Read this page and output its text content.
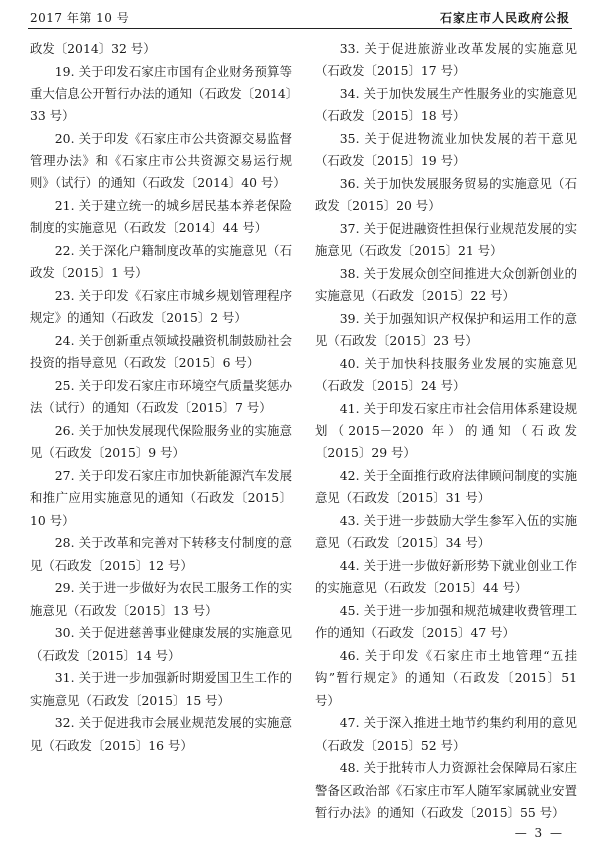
2017 年第 10 号	石家庄市人民政府公报

政发〔2014〕32 号）

19. 关于印发石家庄市国有企业财务预算等重大信息公开暂行办法的通知（石政发〔2014〕33 号）

20. 关于印发《石家庄市公共资源交易监督管理办法》和《石家庄市公共资源交易运行规则》（试行）的通知（石政发〔2014〕40 号）

21. 关于建立统一的城乡居民基本养老保险制度的实施意见（石政发〔2014〕44 号）

22. 关于深化户籍制度改革的实施意见（石政发〔2015〕1 号）

23. 关于印发《石家庄市城乡规划管理程序规定》的通知（石政发〔2015〕2 号）

24. 关于创新重点领域投融资机制鼓励社会投资的指导意见（石政发〔2015〕6 号）

25. 关于印发石家庄市环境空气质量奖惩办法（试行）的通知（石政发〔2015〕7 号）

26. 关于加快发展现代保险服务业的实施意见（石政发〔2015〕9 号）

27. 关于印发石家庄市加快新能源汽车发展和推广应用实施意见的通知（石政发〔2015〕10 号）

28. 关于改革和完善对下转移支付制度的意见（石政发〔2015〕12 号）

29. 关于进一步做好为农民工服务工作的实施意见（石政发〔2015〕13 号）

30. 关于促进慈善事业健康发展的实施意见（石政发〔2015〕14 号）

31. 关于进一步加强新时期爱国卫生工作的实施意见（石政发〔2015〕15 号）

32. 关于促进我市会展业规范发展的实施意见（石政发〔2015〕16 号）

33. 关于促进旅游业改革发展的实施意见（石政发〔2015〕17 号）

34. 关于加快发展生产性服务业的实施意见（石政发〔2015〕18 号）

35. 关于促进物流业加快发展的若干意见（石政发〔2015〕19 号）

36. 关于加快发展服务贸易的实施意见（石政发〔2015〕20 号）

37. 关于促进融资性担保行业规范发展的实施意见（石政发〔2015〕21 号）

38. 关于发展众创空间推进大众创新创业的实施意见（石政发〔2015〕22 号）

39. 关于加强知识产权保护和运用工作的意见（石政发〔2015〕23 号）

40. 关于加快科技服务业发展的实施意见（石政发〔2015〕24 号）

41. 关于印发石家庄市社会信用体系建设规划（2015－2020 年）的通知（石政发〔2015〕29 号）

42. 关于全面推行政府法律顾问制度的实施意见（石政发〔2015〕31 号）

43. 关于进一步鼓励大学生参军入伍的实施意见（石政发〔2015〕34 号）

44. 关于进一步做好新形势下就业创业工作的实施意见（石政发〔2015〕44 号）

45. 关于进一步加强和规范城建收费管理工作的通知（石政发〔2015〕47 号）

46. 关于印发《石家庄市土地管理“五挂钩”暂行规定》的通知（石政发〔2015〕51 号）

47. 关于深入推进土地节约集约利用的意见（石政发〔2015〕52 号）

48. 关于批转市人力资源社会保障局石家庄警备区政治部《石家庄市军人随军家属就业安置暂行办法》的通知（石政发〔2015〕55 号）

— 3 —
